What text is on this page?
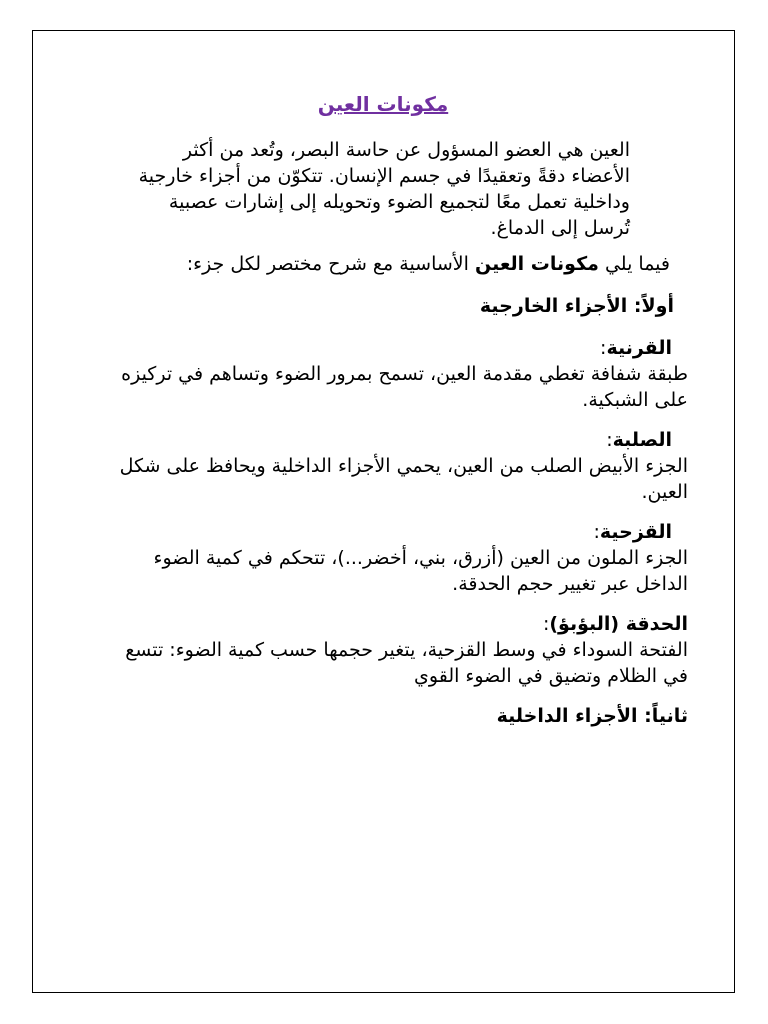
مكونات العين

العين هي العضو المسؤول عن حاسة البصر، وتُعد من أكثر الأعضاء دقةً وتعقيدًا في جسم الإنسان. تتكوّن من أجزاء خارجية وداخلية تعمل معًا لتجميع الضوء وتحويله إلى إشارات عصبية تُرسل إلى الدماغ.

فيما يلي مكونات العين الأساسية مع شرح مختصر لكل جزء:

أولاً: الأجزاء الخارجية
القرنية:
طبقة شفافة تغطي مقدمة العين، تسمح بمرور الضوء وتساهم في تركيزه على الشبكية.
الصلبة:
الجزء الأبيض الصلب من العين، يحمي الأجزاء الداخلية ويحافظ على شكل العين.
القزحية:
الجزء الملون من العين (أزرق، بني، أخضر...)، تتحكم في كمية الضوء الداخل عبر تغيير حجم الحدقة.
الحدقة (البؤبؤ):
الفتحة السوداء في وسط القزحية، يتغير حجمها حسب كمية الضوء: تتسع في الظلام وتضيق في الضوء القوي
ثانياً: الأجزاء الداخلية
